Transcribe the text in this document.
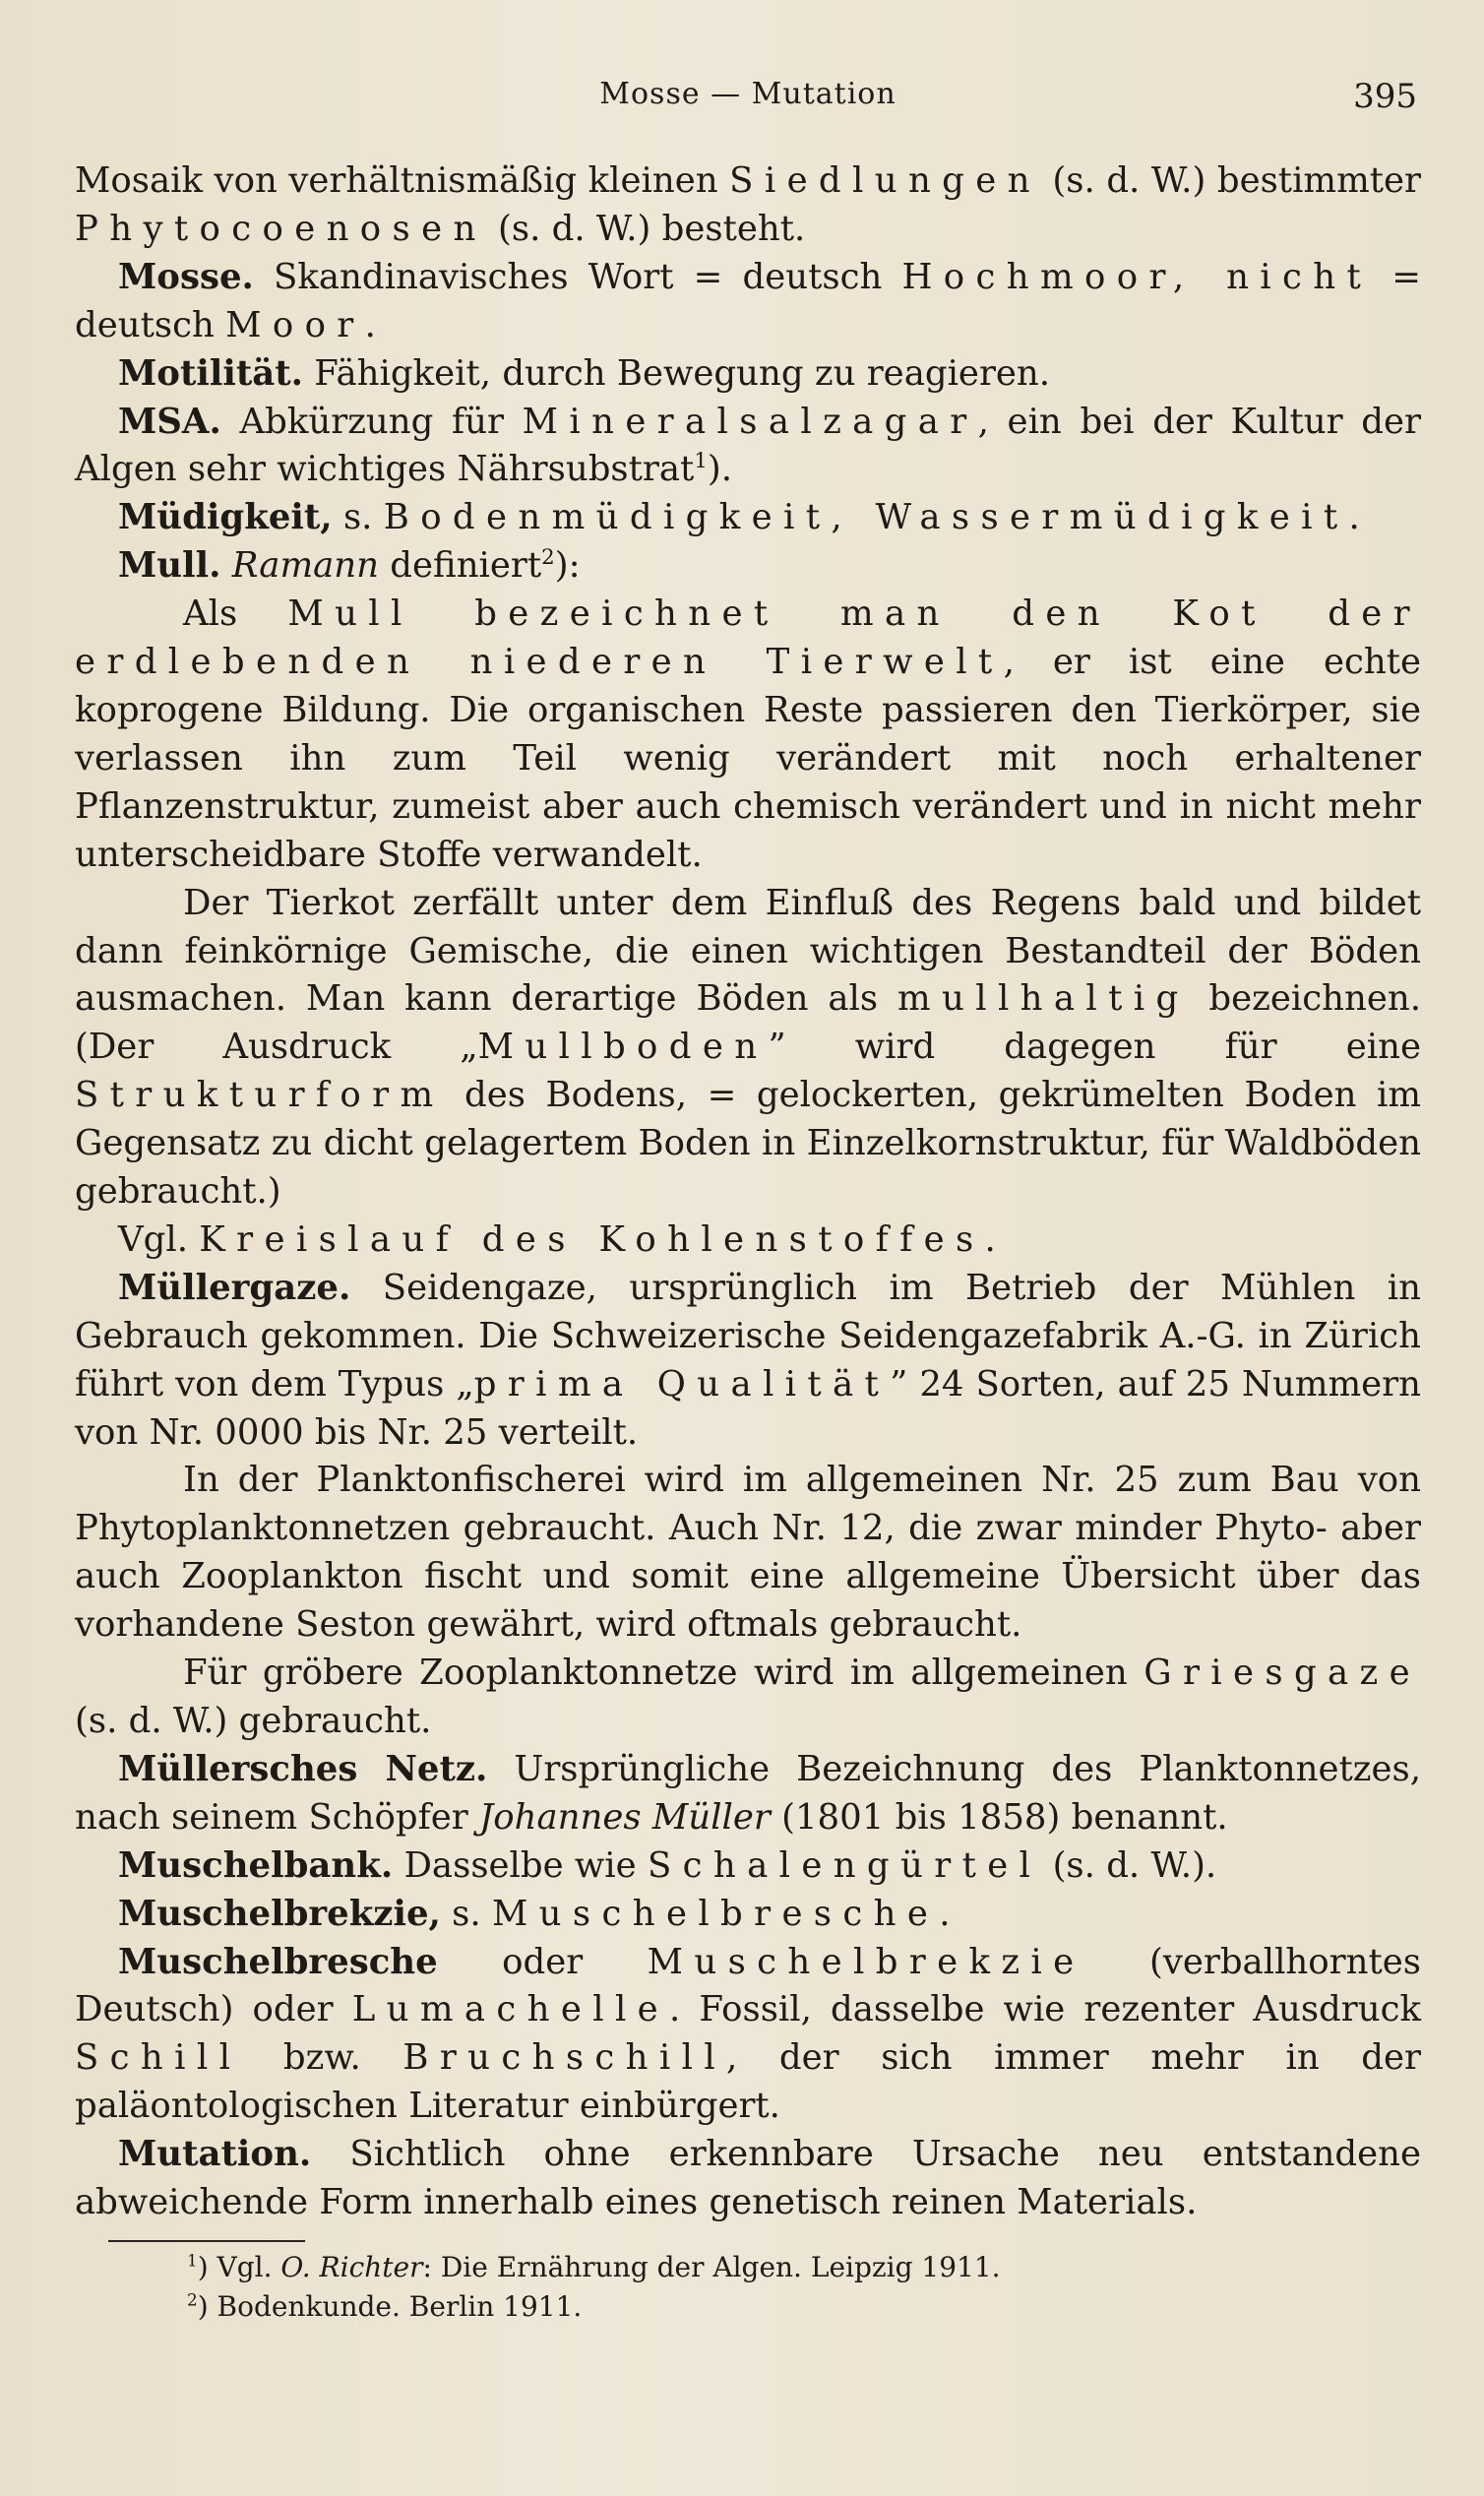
Mosse — Mutation	395

Mosaik von verhältnismäßig kleinen Siedlungen (s. d. W.) bestimmter Phytocoenosen (s. d. W.) besteht.

Mosse. Skandinavisches Wort = deutsch Hochmoor, nicht = deutsch Moor.

Motilität. Fähigkeit, durch Bewegung zu reagieren.

MSA. Abkürzung für Mineralsalzagar, ein bei der Kultur der Algen sehr wichtiges Nährsubstrat$^1$).

Müdigkeit, s. Bodenmüdigkeit, Wassermüdigkeit.

Mull. Ramann definiert$^2$):

Als Mull bezeichnet man den Kot der erdlebenden niederen Tierwelt, er ist eine echte koprogene Bildung. Die organischen Reste passieren den Tierkörper, sie verlassen ihn zum Teil wenig verändert mit noch erhaltener Pflanzenstruktur, zumeist aber auch chemisch verändert und in nicht mehr unterscheidbare Stoffe verwandelt.

Der Tierkot zerfällt unter dem Einfluß des Regens bald und bildet dann feinkörnige Gemische, die einen wichtigen Bestandteil der Böden ausmachen. Man kann derartige Böden als mullhaltig bezeichnen. (Der Ausdruck „Mullboden” wird dagegen für eine Strukturform des Bodens, = gelockerten, gekrümelten Boden im Gegensatz zu dicht gelagertem Boden in Einzelkornstruktur, für Waldböden gebraucht.)

Vgl. Kreislauf des Kohlenstoffes.

Müllergaze. Seidengaze, ursprünglich im Betrieb der Mühlen in Gebrauch gekommen. Die Schweizerische Seidengazefabrik A.-G. in Zürich führt von dem Typus „prima Qualität” 24 Sorten, auf 25 Nummern von Nr. 0000 bis Nr. 25 verteilt.

In der Planktonfischerei wird im allgemeinen Nr. 25 zum Bau von Phytoplanktonnetzen gebraucht. Auch Nr. 12, die zwar minder Phyto- aber auch Zooplankton fischt und somit eine allgemeine Übersicht über das vorhandene Seston gewährt, wird oftmals gebraucht.

Für gröbere Zooplanktonnetze wird im allgemeinen Griesgaze (s. d. W.) gebraucht.

Müllersches Netz. Ursprüngliche Bezeichnung des Planktonnetzes, nach seinem Schöpfer Johannes Müller (1801 bis 1858) benannt.

Muschelbank. Dasselbe wie Schalengürtel (s. d. W.).

Muschelbrekzie, s. Muschelbresche.

Muschelbresche oder Muschelbrekzie (verballhorntes Deutsch) oder Lumachelle. Fossil, dasselbe wie rezenter Ausdruck Schill bzw. Bruchschill, der sich immer mehr in der paläontologischen Literatur einbürgert.

Mutation. Sichtlich ohne erkennbare Ursache neu entstandene abweichende Form innerhalb eines genetisch reinen Materials.

$^1$) Vgl. O. Richter: Die Ernährung der Algen. Leipzig 1911.

$^2$) Bodenkunde. Berlin 1911.
